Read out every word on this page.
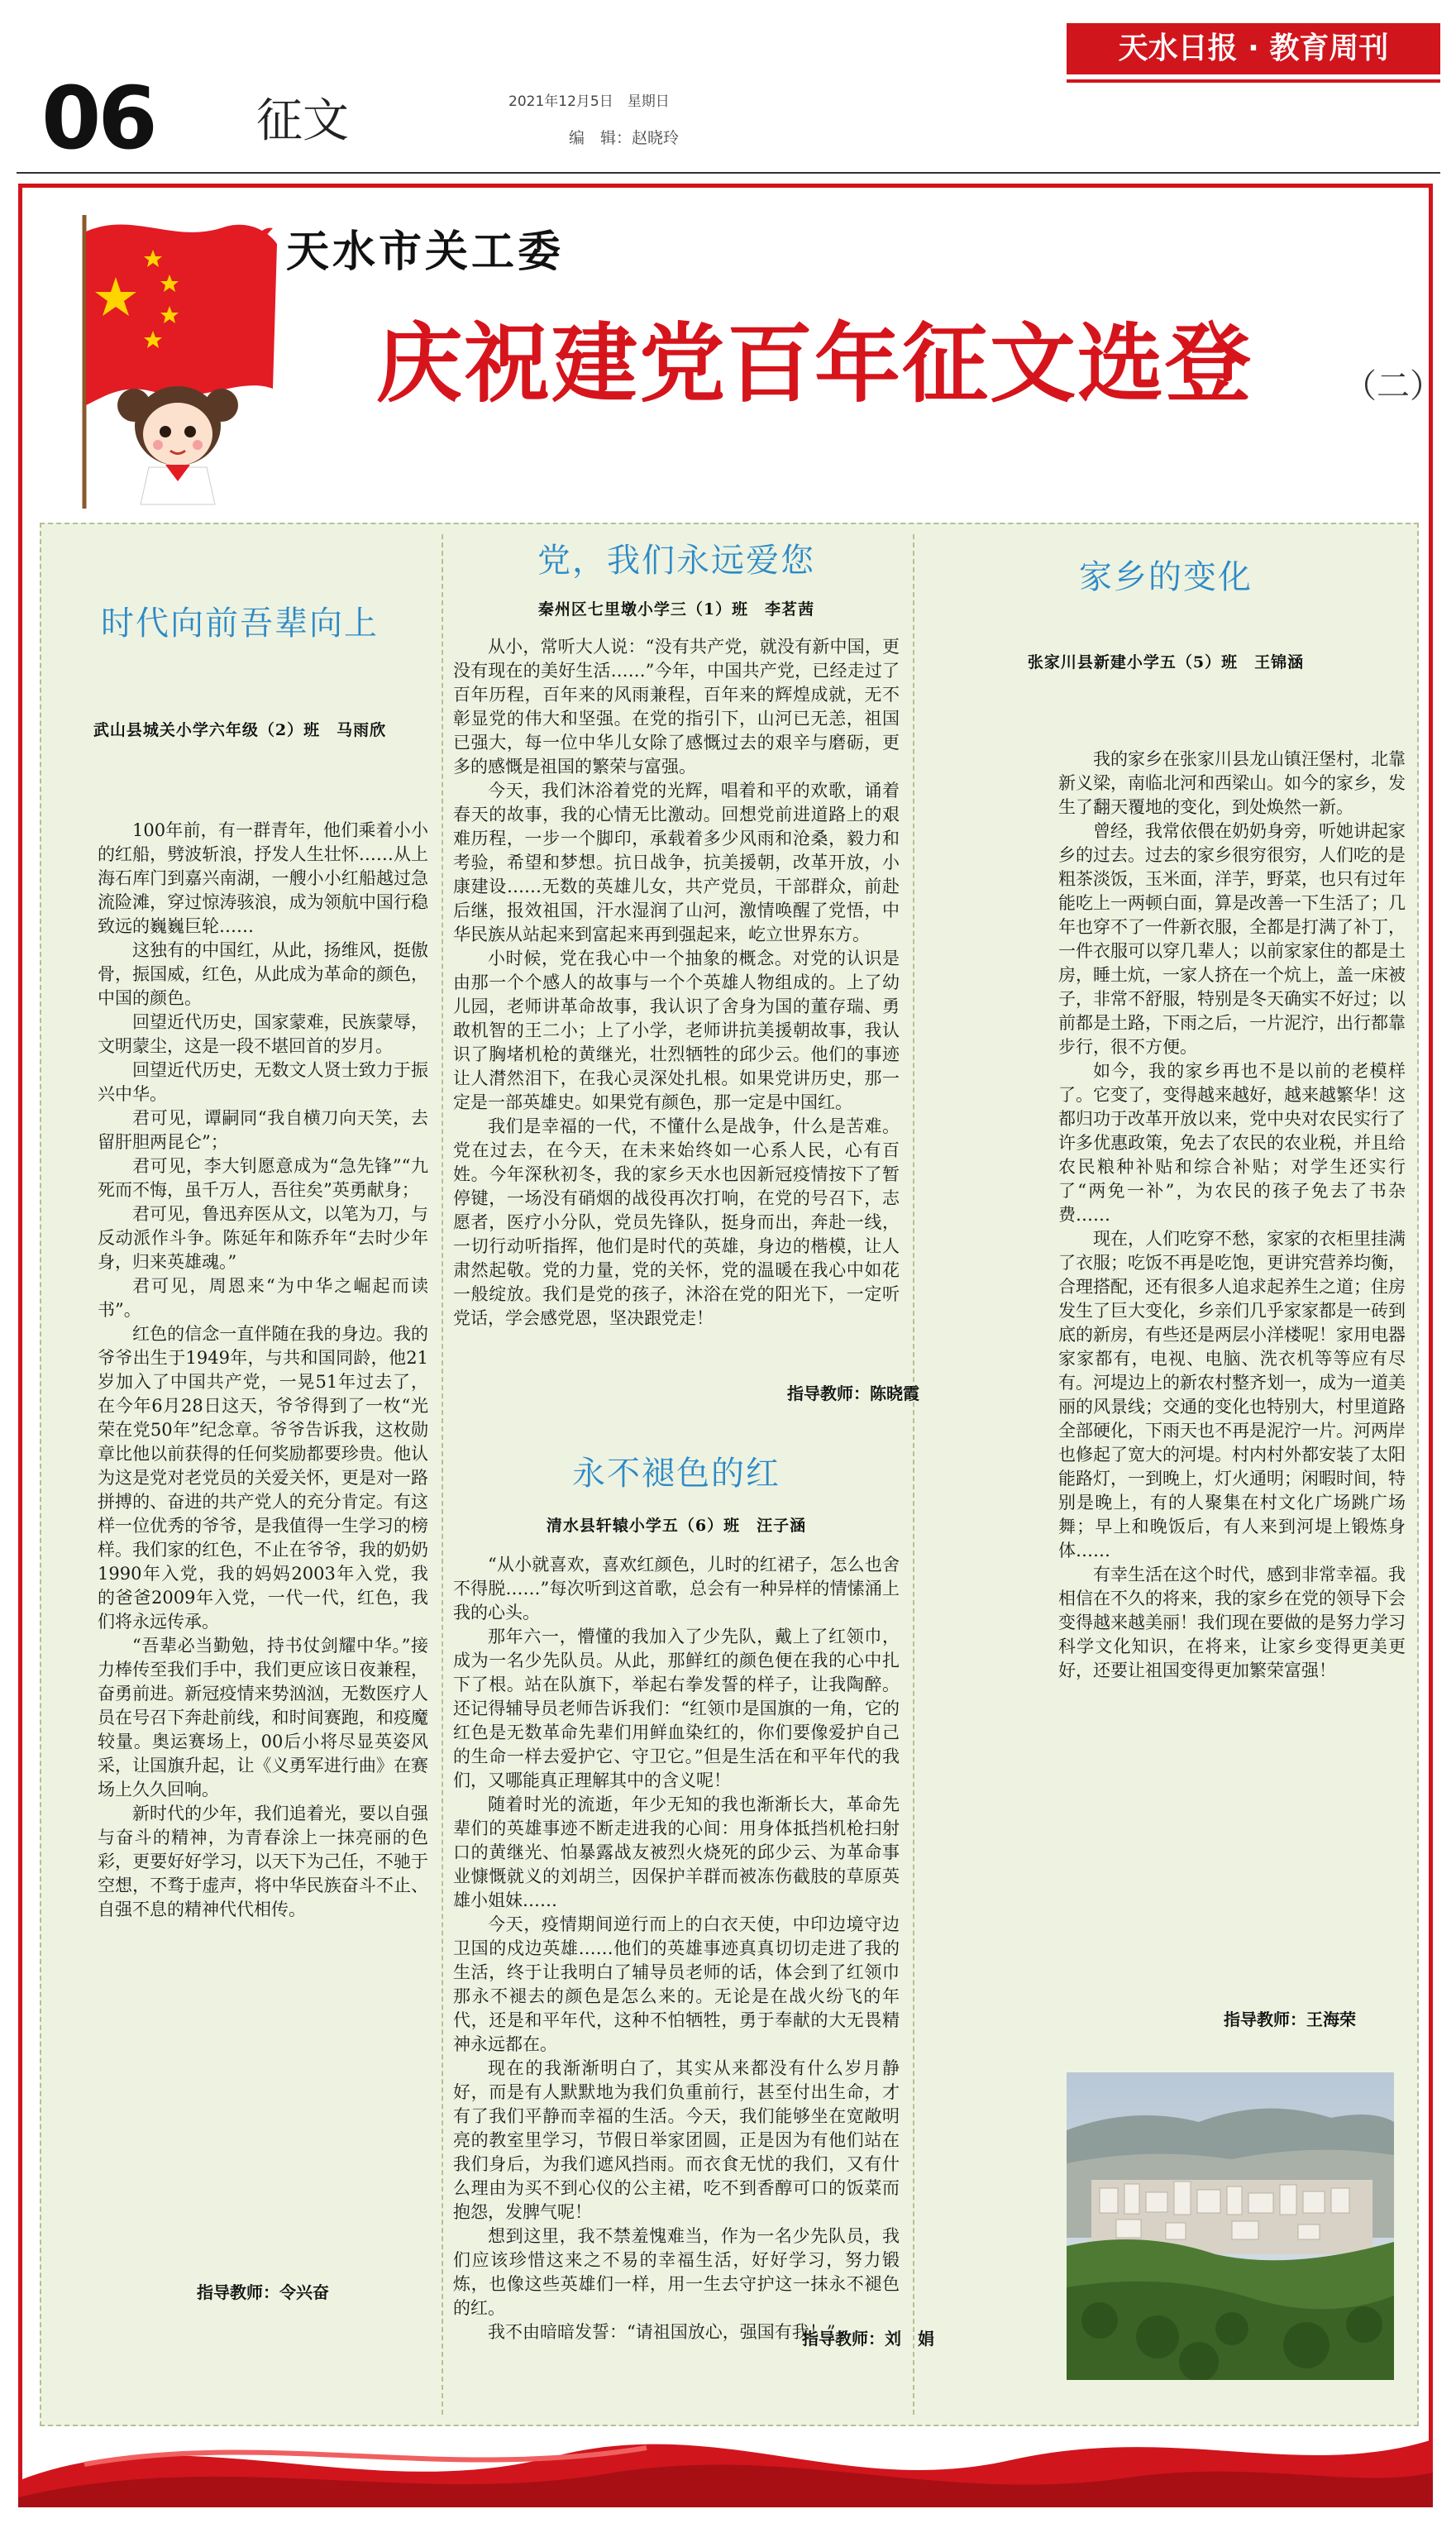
天水日报 · 教育周刊
06 征文	2021年12月5日　星期日
编　辑：赵晓玲
天水市关工委
庆祝建党百年征文选登	（二）
时代向前吾辈向上
武山县城关小学六年级（2）班　马雨欣

100年前，有一群青年，他们乘着小小的红船，劈波斩浪，抒发人生壮怀……从上海石库门到嘉兴南湖，一艘小小红船越过急流险滩，穿过惊涛骇浪，成为领航中国行稳致远的巍巍巨轮……

这独有的中国红，从此，扬维风，挺傲骨，振国威，红色，从此成为革命的颜色，中国的颜色。

回望近代历史，国家蒙难，民族蒙辱，文明蒙尘，这是一段不堪回首的岁月。

回望近代历史，无数文人贤士致力于振兴中华。

君可见，谭嗣同“我自横刀向天笑，去留肝胆两昆仑”；

君可见，李大钊愿意成为“急先锋”“九死而不悔，虽千万人，吾往矣”英勇献身；

君可见，鲁迅弃医从文，以笔为刀，与反动派作斗争。陈延年和陈乔年“去时少年身，归来英雄魂。”

君可见，周恩来“为中华之崛起而读书”。

红色的信念一直伴随在我的身边。我的爷爷出生于1949年，与共和国同龄，他21岁加入了中国共产党，一晃51年过去了，在今年6月28日这天，爷爷得到了一枚“光荣在党50年”纪念章。爷爷告诉我，这枚勋章比他以前获得的任何奖励都要珍贵。他认为这是党对老党员的关爱关怀，更是对一路拼搏的、奋进的共产党人的充分肯定。有这样一位优秀的爷爷，是我值得一生学习的榜样。我们家的红色，不止在爷爷，我的奶奶1990年入党，我的妈妈2003年入党，我的爸爸2009年入党，一代一代，红色，我们将永远传承。

“吾辈必当勤勉，持书仗剑耀中华。”接力棒传至我们手中，我们更应该日夜兼程，奋勇前进。新冠疫情来势汹汹，无数医疗人员在号召下奔赴前线，和时间赛跑，和疫魔较量。奥运赛场上，00后小将尽显英姿风采，让国旗升起，让《义勇军进行曲》在赛场上久久回响。

新时代的少年，我们追着光，要以自强与奋斗的精神，为青春涂上一抹亮丽的色彩，更要好好学习，以天下为己任，不驰于空想，不骛于虚声，将中华民族奋斗不止、自强不息的精神代代相传。

指导教师：令兴奋
党，我们永远爱您
秦州区七里墩小学三（1）班　李茗茜

从小，常听大人说：“没有共产党，就没有新中国，更没有现在的美好生活……”今年，中国共产党，已经走过了百年历程，百年来的风雨兼程，百年来的辉煌成就，无不彰显党的伟大和坚强。在党的指引下，山河已无恙，祖国已强大，每一位中华儿女除了感慨过去的艰辛与磨砺，更多的感慨是祖国的繁荣与富强。

今天，我们沐浴着党的光辉，唱着和平的欢歌，诵着春天的故事，我的心情无比激动。回想党前进道路上的艰难历程，一步一个脚印，承载着多少风雨和沧桑，毅力和考验，希望和梦想。抗日战争，抗美援朝，改革开放，小康建设……无数的英雄儿女，共产党员，干部群众，前赴后继，报效祖国，汗水湿润了山河，激情唤醒了党悟，中华民族从站起来到富起来再到强起来，屹立世界东方。

小时候，党在我心中一个抽象的概念。对党的认识是由那一个个感人的故事与一个个英雄人物组成的。上了幼儿园，老师讲革命故事，我认识了舍身为国的董存瑞、勇敢机智的王二小；上了小学，老师讲抗美援朝故事，我认识了胸堵机枪的黄继光，壮烈牺牲的邱少云。他们的事迹让人潸然泪下，在我心灵深处扎根。如果党讲历史，那一定是一部英雄史。如果党有颜色，那一定是中国红。

我们是幸福的一代，不懂什么是战争，什么是苦难。党在过去，在今天，在未来始终如一心系人民，心有百姓。今年深秋初冬，我的家乡天水也因新冠疫情按下了暂停键，一场没有硝烟的战役再次打响，在党的号召下，志愿者，医疗小分队，党员先锋队，挺身而出，奔赴一线，一切行动听指挥，他们是时代的英雄，身边的楷模，让人肃然起敬。党的力量，党的关怀，党的温暖在我心中如花一般绽放。我们是党的孩子，沐浴在党的阳光下，一定听党话，学会感党恩，坚决跟党走！

指导教师：陈晓霞
永不褪色的红
清水县轩辕小学五（6）班　汪子涵

“从小就喜欢，喜欢红颜色，儿时的红裙子，怎么也舍不得脱……”每次听到这首歌，总会有一种异样的情愫涌上我的心头。

那年六一，懵懂的我加入了少先队，戴上了红领巾，成为一名少先队员。从此，那鲜红的颜色便在我的心中扎下了根。站在队旗下，举起右拳发誓的样子，让我陶醉。还记得辅导员老师告诉我们：“红领巾是国旗的一角，它的红色是无数革命先辈们用鲜血染红的，你们要像爱护自己的生命一样去爱护它、守卫它。”但是生活在和平年代的我们，又哪能真正理解其中的含义呢！

随着时光的流逝，年少无知的我也渐渐长大，革命先辈们的英雄事迹不断走进我的心间：用身体抵挡机枪扫射口的黄继光、怕暴露战友被烈火烧死的邱少云、为革命事业慷慨就义的刘胡兰，因保护羊群而被冻伤截肢的草原英雄小姐妹……

今天，疫情期间逆行而上的白衣天使，中印边境守边卫国的戍边英雄……他们的英雄事迹真真切切走进了我的生活，终于让我明白了辅导员老师的话，体会到了红领巾那永不褪去的颜色是怎么来的。无论是在战火纷飞的年代，还是和平年代，这种不怕牺牲，勇于奉献的大无畏精神永远都在。

现在的我渐渐明白了，其实从来都没有什么岁月静好，而是有人默默地为我们负重前行，甚至付出生命，才有了我们平静而幸福的生活。今天，我们能够坐在宽敞明亮的教室里学习，节假日举家团圆，正是因为有他们站在我们身后，为我们遮风挡雨。而衣食无忧的我们，又有什么理由为买不到心仪的公主裙，吃不到香醇可口的饭菜而抱怨，发脾气呢！

想到这里，我不禁羞愧难当，作为一名少先队员，我们应该珍惜这来之不易的幸福生活，好好学习，努力锻炼，也像这些英雄们一样，用一生去守护这一抹永不褪色的红。

我不由暗暗发誓：“请祖国放心，强国有我！”

指导教师：刘　娟
家乡的变化
张家川县新建小学五（5）班　王锦涵

我的家乡在张家川县龙山镇汪堡村，北靠新义梁，南临北河和西梁山。如今的家乡，发生了翻天覆地的变化，到处焕然一新。

曾经，我常依偎在奶奶身旁，听她讲起家乡的过去。过去的家乡很穷很穷，人们吃的是粗茶淡饭，玉米面，洋芋，野菜，也只有过年能吃上一两顿白面，算是改善一下生活了；几年也穿不了一件新衣服，全都是打满了补丁，一件衣服可以穿几辈人；以前家家住的都是土房，睡土炕，一家人挤在一个炕上，盖一床被子，非常不舒服，特别是冬天确实不好过；以前都是土路，下雨之后，一片泥泞，出行都靠步行，很不方便。

如今，我的家乡再也不是以前的老模样了。它变了，变得越来越好，越来越繁华！这都归功于改革开放以来，党中央对农民实行了许多优惠政策，免去了农民的农业税，并且给农民粮种补贴和综合补贴；对学生还实行了“两免一补”，为农民的孩子免去了书杂费……

现在，人们吃穿不愁，家家的衣柜里挂满了衣服；吃饭不再是吃饱，更讲究营养均衡，合理搭配，还有很多人追求起养生之道；住房发生了巨大变化，乡亲们几乎家家都是一砖到底的新房，有些还是两层小洋楼呢！家用电器家家都有，电视、电脑、洗衣机等等应有尽有。河堤边上的新农村整齐划一，成为一道美丽的风景线；交通的变化也特别大，村里道路全部硬化，下雨天也不再是泥泞一片。河两岸也修起了宽大的河堤。村内村外都安装了太阳能路灯，一到晚上，灯火通明；闲暇时间，特别是晚上，有的人聚集在村文化广场跳广场舞；早上和晚饭后，有人来到河堤上锻炼身体……

有幸生活在这个时代，感到非常幸福。我相信在不久的将来，我的家乡在党的领导下会变得越来越美丽！我们现在要做的是努力学习科学文化知识，在将来，让家乡变得更美更好，还要让祖国变得更加繁荣富强！

指导教师：王海荣
